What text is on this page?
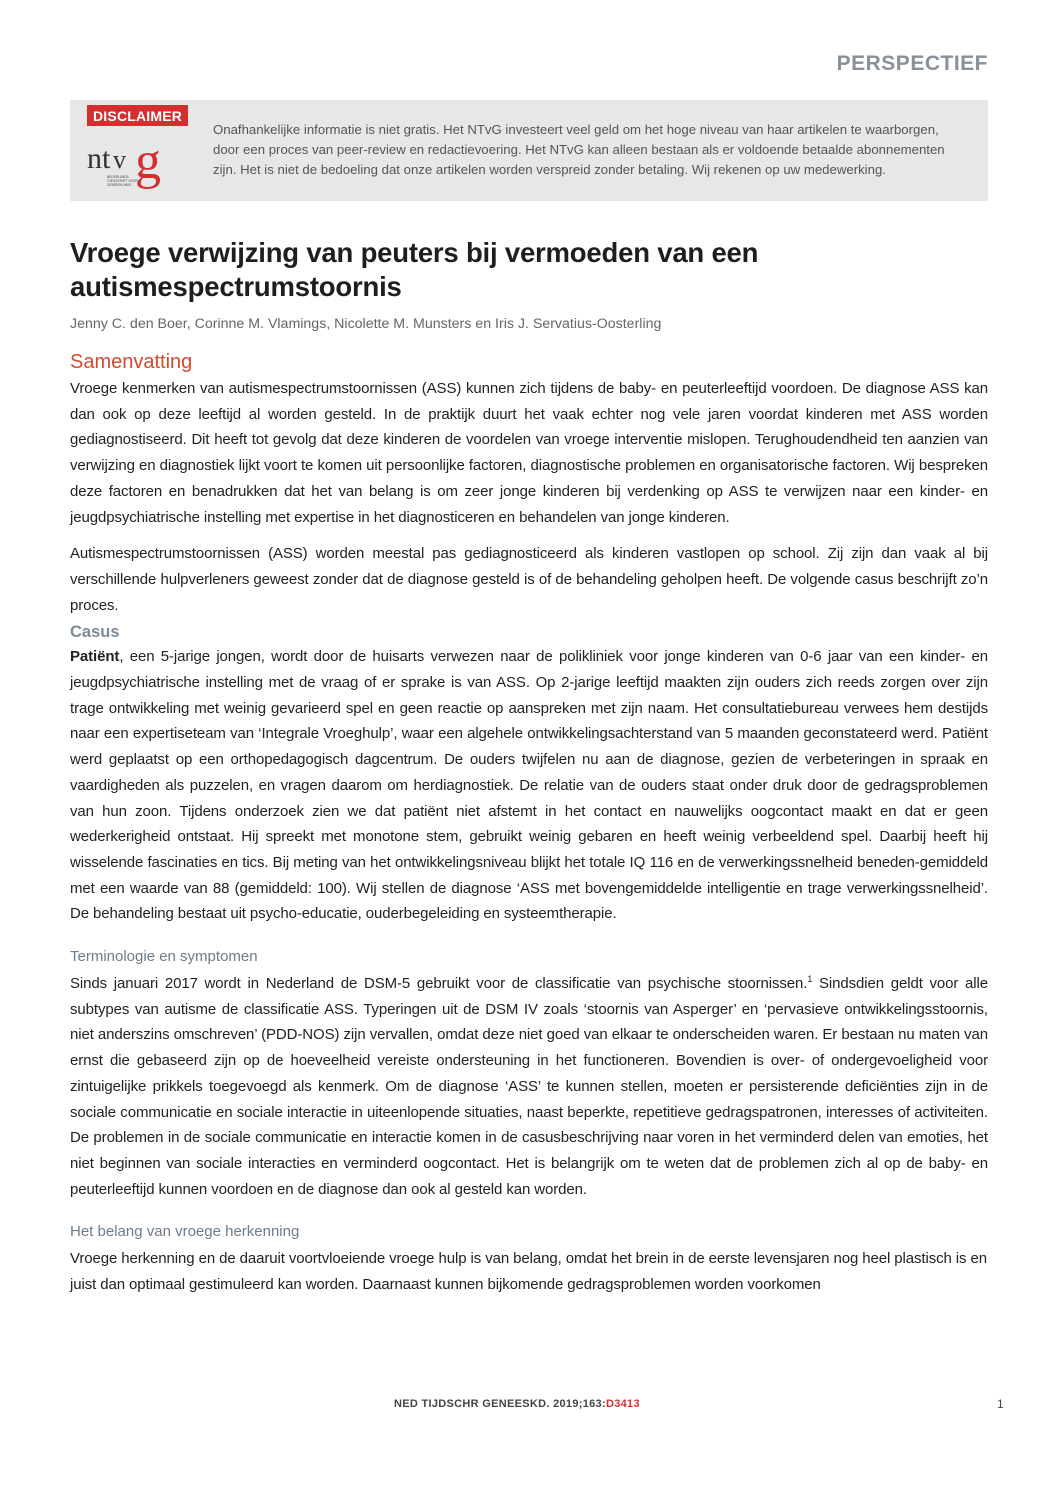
PERSPECTIEF
DISCLAIMER
nt v g
NEDERLANDS
TIJDSCHRIFT VOOR
GENEESKUNDE
Onafhankelijke informatie is niet gratis. Het NTvG investeert veel geld om het hoge niveau van haar artikelen te waarborgen, door een proces van peer-review en redactievoering. Het NTvG kan alleen bestaan als er voldoende betaalde abonnementen zijn. Het is niet de bedoeling dat onze artikelen worden verspreid zonder betaling. Wij rekenen op uw medewerking.
Vroege verwijzing van peuters bij vermoeden van een autismespectrumstoornis
Jenny C. den Boer, Corinne M. Vlamings, Nicolette M. Munsters en Iris J. Servatius-Oosterling
Samenvatting

Vroege kenmerken van autismespectrumstoornissen (ASS) kunnen zich tijdens de baby- en peuterleeftijd voordoen. De diagnose ASS kan dan ook op deze leeftijd al worden gesteld. In de praktijk duurt het vaak echter nog vele jaren voordat kinderen met ASS worden gediagnostiseerd. Dit heeft tot gevolg dat deze kinderen de voordelen van vroege interventie mislopen. Terughoudendheid ten aanzien van verwijzing en diagnostiek lijkt voort te komen uit persoonlijke factoren, diagnostische problemen en organisatorische factoren. Wij bespreken deze factoren en benadrukken dat het van belang is om zeer jonge kinderen bij verdenking op ASS te verwijzen naar een kinder- en jeugdpsychiatrische instelling met expertise in het diagnosticeren en behandelen van jonge kinderen.

Autismespectrumstoornissen (ASS) worden meestal pas gediagnosticeerd als kinderen vastlopen op school. Zij zijn dan vaak al bij verschillende hulpverleners geweest zonder dat de diagnose gesteld is of de behandeling geholpen heeft. De volgende casus beschrijft zo’n proces.

Casus

Patiënt, een 5-jarige jongen, wordt door de huisarts verwezen naar de polikliniek voor jonge kinderen van 0-6 jaar van een kinder- en jeugdpsychiatrische instelling met de vraag of er sprake is van ASS. Op 2-jarige leeftijd maakten zijn ouders zich reeds zorgen over zijn trage ontwikkeling met weinig gevarieerd spel en geen reactie op aanspreken met zijn naam. Het consultatiebureau verwees hem destijds naar een expertiseteam van ‘Integrale Vroeghulp’, waar een algehele ontwikkelingsachterstand van 5 maanden geconstateerd werd. Patiënt werd geplaatst op een orthopedagogisch dagcentrum. De ouders twijfelen nu aan de diagnose, gezien de verbeteringen in spraak en vaardigheden als puzzelen, en vragen daarom om herdiagnostiek. De relatie van de ouders staat onder druk door de gedragsproblemen van hun zoon. Tijdens onderzoek zien we dat patiënt niet afstemt in het contact en nauwelijks oogcontact maakt en dat er geen wederkerigheid ontstaat. Hij spreekt met monotone stem, gebruikt weinig gebaren en heeft weinig verbeeldend spel. Daarbij heeft hij wisselende fascinaties en tics. Bij meting van het ontwikkelingsniveau blijkt het totale IQ 116 en de verwerkingssnelheid beneden-gemiddeld met een waarde van 88 (gemiddeld: 100). Wij stellen de diagnose ‘ASS met bovengemiddelde intelligentie en trage verwerkingssnelheid’. De behandeling bestaat uit psycho-educatie, ouderbegeleiding en systeemtherapie.

Terminologie en symptomen

Sinds januari 2017 wordt in Nederland de DSM-5 gebruikt voor de classificatie van psychische stoornissen.$^1$ Sindsdien geldt voor alle subtypes van autisme de classificatie ASS. Typeringen uit de DSM IV zoals ‘stoornis van Asperger’ en ‘pervasieve ontwikkelingsstoornis, niet anderszins omschreven’ (PDD-NOS) zijn vervallen, omdat deze niet goed van elkaar te onderscheiden waren. Er bestaan nu maten van ernst die gebaseerd zijn op de hoeveelheid vereiste ondersteuning in het functioneren. Bovendien is over- of ondergevoeligheid voor zintuigelijke prikkels toegevoegd als kenmerk. Om de diagnose ‘ASS’ te kunnen stellen, moeten er persisterende deficiënties zijn in de sociale communicatie en sociale interactie in uiteenlopende situaties, naast beperkte, repetitieve gedragspatronen, interesses of activiteiten. De problemen in de sociale communicatie en interactie komen in de casusbeschrijving naar voren in het verminderd delen van emoties, het niet beginnen van sociale interacties en verminderd oogcontact. Het is belangrijk om te weten dat de problemen zich al op de baby- en peuterleeftijd kunnen voordoen en de diagnose dan ook al gesteld kan worden.

Het belang van vroege herkenning

Vroege herkenning en de daaruit voortvloeiende vroege hulp is van belang, omdat het brein in de eerste levensjaren nog heel plastisch is en juist dan optimaal gestimuleerd kan worden. Daarnaast kunnen bijkomende gedragsproblemen worden voorkomen

NED TIJDSCHR GENEESKD. 2019;163:D3413	1
